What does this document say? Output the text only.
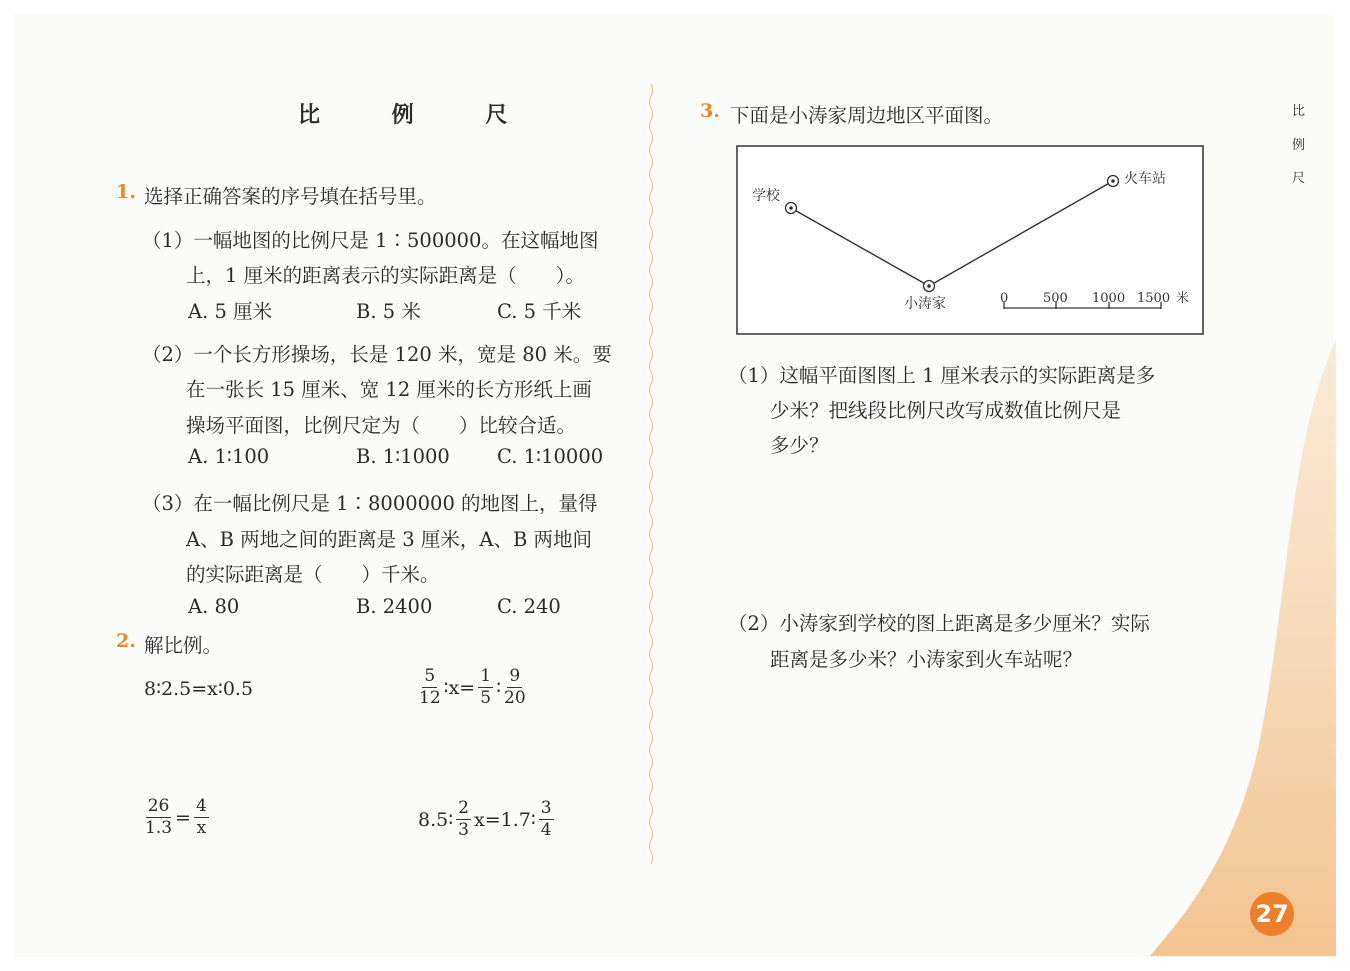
比 例 尺	比
例
尺
1. 选择正确答案的序号填在括号里。
（1）一幅地图的比例尺是 1∶500000。在这幅地图
上，1 厘米的距离表示的实际距离是（　　）。
A. 5 厘米	B. 5 米	C. 5 千米
（2）一个长方形操场，长是 120 米，宽是 80 米。要
在一张长 15 厘米、宽 12 厘米的长方形纸上画
操场平面图，比例尺定为（　　）比较合适。
A. 1∶100	B. 1∶1000 C. 1∶10000
（3）在一幅比例尺是 1∶8000000 的地图上，量得
A、B 两地之间的距离是 3 厘米，A、B 两地间
的实际距离是（　　）千米。
A. 80	B. 2400	C. 240
2. 解比例。
8∶2.5=x∶0.5	$\frac{5}{12}$ ∶x= $\frac{1}{5}$ ∶ $\frac{9}{20}$
$\frac{26}{1.3} = \frac{4}{x}$	8.5∶ $\frac{2}{3}$ x=1.7∶ $\frac{3}{4}$
3. 下面是小涛家周边地区平面图。
学校
小涛家
火车站
0	500 1000 1500 米
（1）这幅平面图图上 1 厘米表示的实际距离是多
少米？把线段比例尺改写成数值比例尺是
多少？
（2）小涛家到学校的图上距离是多少厘米？实际
距离是多少米？小涛家到火车站呢？
27
